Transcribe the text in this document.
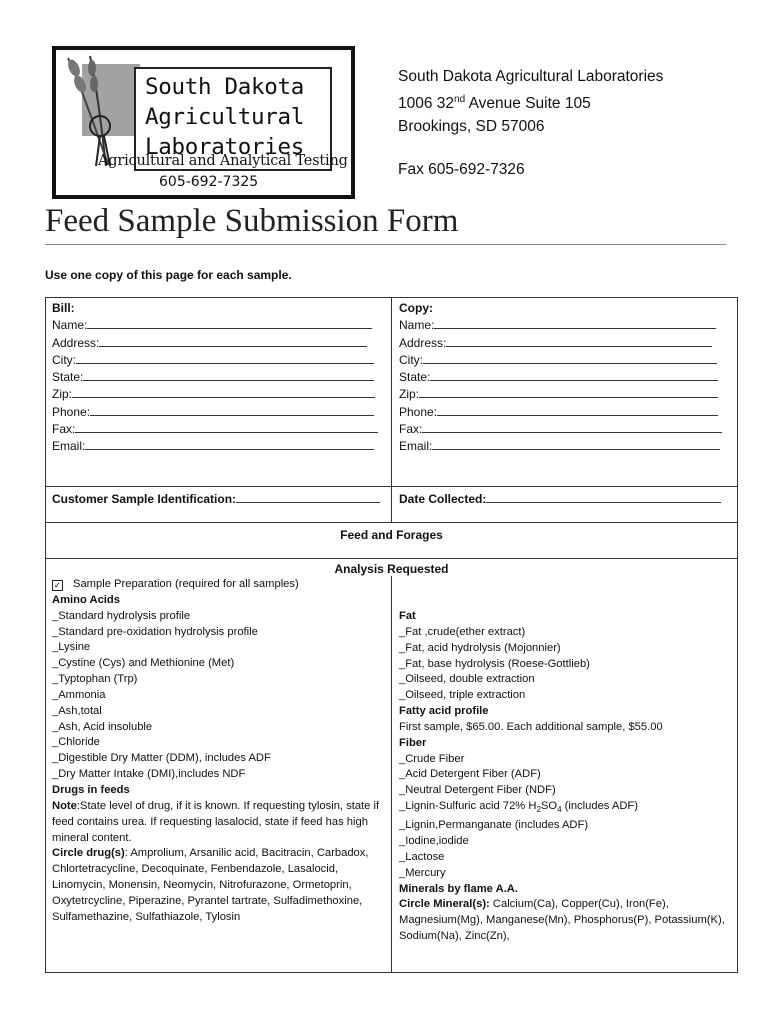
South Dakota
Agricultural
Laboratories
Agricultural and Analytical Testing
605-692-7325
South Dakota Agricultural Laboratories
1006 32nd Avenue Suite 105
Brookings, SD 57006
Fax 605-692-7326
Feed Sample Submission Form
Use one copy of this page for each sample.
Bill:
Name:
Address:
City:
State:
Zip:
Phone:
Fax:
Email:
Copy:
Name:
Address:
City:
State:
Zip:
Phone:
Fax:
Email:
Customer Sample Identification:	Date Collected:
Feed and Forages
Analysis Requested
✓ Sample Preparation (required for all samples)
Amino Acids
_Standard hydrolysis profile
_Standard pre-oxidation hydrolysis profile
_Lysine
_Cystine (Cys) and Methionine (Met)
_Typtophan (Trp)
_Ammonia
_Ash,total
_Ash, Acid insoluble
_Chloride
_Digestible Dry Matter (DDM), includes ADF
_Dry Matter Intake (DMI),includes NDF
Drugs in feeds
Note:State level of drug, if it is known. If requesting tylosin, state if feed contains urea. If requesting lasalocid, state if feed has high mineral content.
Circle drug(s): Amprolium, Arsanilic acid, Bacitracin, Carbadox, Chlortetracycline, Decoquinate, Fenbendazole, Lasalocid, Linomycin, Monensin, Neomycin, Nitrofurazone, Ormetoprin, Oxytetrcycline, Piperazine, Pyrantel tartrate, Sulfadimethoxine, Sulfamethazine, Sulfathiazole, Tylosin
Fat
_Fat ,crude(ether extract)
_Fat, acid hydrolysis (Mojonnier)
_Fat, base hydrolysis (Roese-Gottlieb)
_Oilseed, double extraction
_Oilseed, triple extraction
Fatty acid profile
First sample, $65.00. Each additional sample, $55.00
Fiber
_Crude Fiber
_Acid Detergent Fiber (ADF)
_Neutral Detergent Fiber (NDF)
_Lignin-Sulfuric acid 72% $H_2SO_4$ (includes ADF)
_Lignin,Permanganate (includes ADF)
_Iodine,iodide
_Lactose
_Mercury
Minerals by flame A.A.
Circle Mineral(s): Calcium(Ca), Copper(Cu), Iron(Fe), Magnesium(Mg), Manganese(Mn), Phosphorus(P), Potassium(K), Sodium(Na), Zinc(Zn),
